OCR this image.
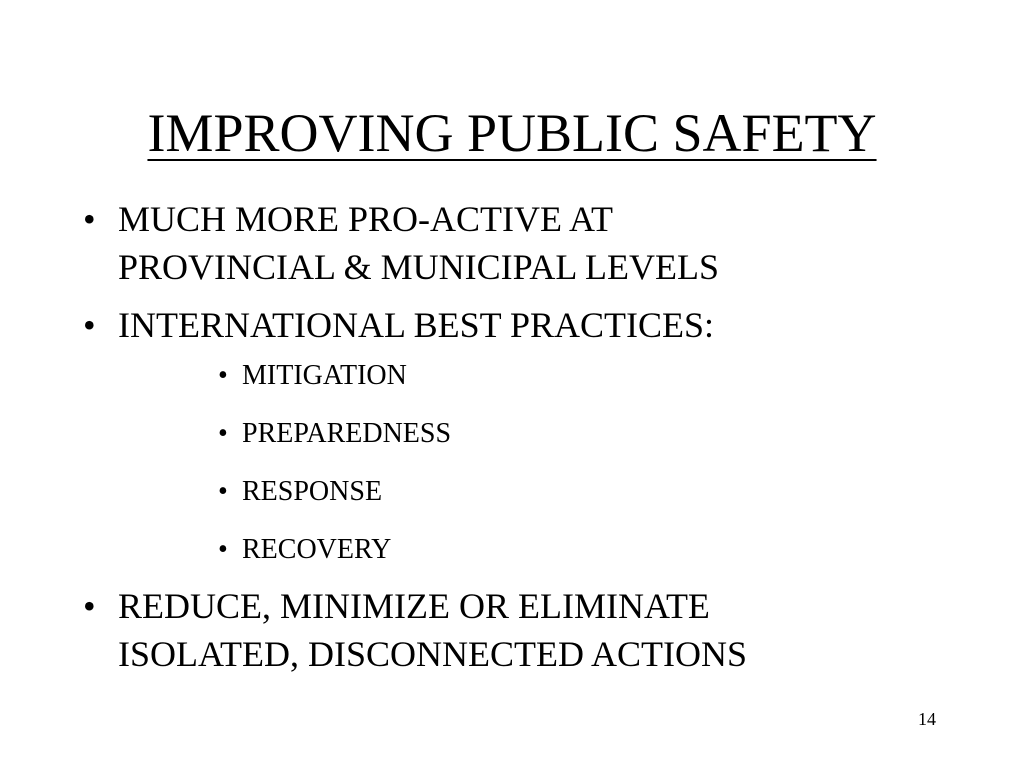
IMPROVING PUBLIC SAFETY
• MUCH MORE PRO-ACTIVE AT
PROVINCIAL & MUNICIPAL LEVELS
• INTERNATIONAL BEST PRACTICES:
• MITIGATION
• PREPAREDNESS
• RESPONSE
• RECOVERY
• REDUCE, MINIMIZE OR ELIMINATE
ISOLATED, DISCONNECTED ACTIONS
14
